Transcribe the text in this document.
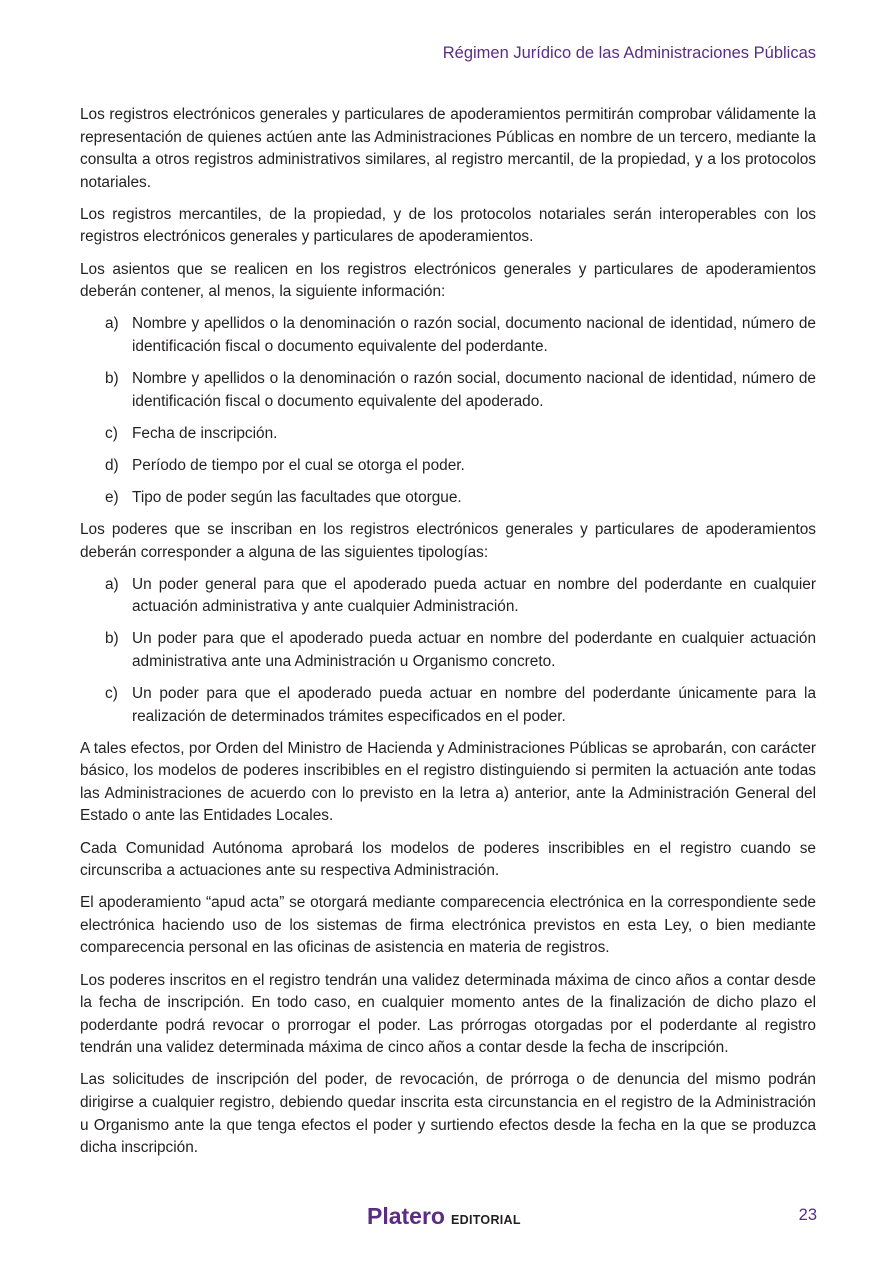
Régimen Jurídico de las Administraciones Públicas

Los registros electrónicos generales y particulares de apoderamientos permitirán comprobar válidamente la representación de quienes actúen ante las Administraciones Públicas en nombre de un tercero, mediante la consulta a otros registros administrativos similares, al registro mercantil, de la propiedad, y a los protocolos notariales.

Los registros mercantiles, de la propiedad, y de los protocolos notariales serán interoperables con los registros electrónicos generales y particulares de apoderamientos.

Los asientos que se realicen en los registros electrónicos generales y particulares de apoderamientos deberán contener, al menos, la siguiente información:

a) Nombre y apellidos o la denominación o razón social, documento nacional de identidad, número de identificación fiscal o documento equivalente del poderdante.
b) Nombre y apellidos o la denominación o razón social, documento nacional de identidad, número de identificación fiscal o documento equivalente del apoderado.
c) Fecha de inscripción.
d) Período de tiempo por el cual se otorga el poder.
e) Tipo de poder según las facultades que otorgue.

Los poderes que se inscriban en los registros electrónicos generales y particulares de apoderamientos deberán corresponder a alguna de las siguientes tipologías:

a) Un poder general para que el apoderado pueda actuar en nombre del poderdante en cualquier actuación administrativa y ante cualquier Administración.
b) Un poder para que el apoderado pueda actuar en nombre del poderdante en cualquier actuación administrativa ante una Administración u Organismo concreto.
c) Un poder para que el apoderado pueda actuar en nombre del poderdante únicamente para la realización de determinados trámites especificados en el poder.

A tales efectos, por Orden del Ministro de Hacienda y Administraciones Públicas se aprobarán, con carácter básico, los modelos de poderes inscribibles en el registro distinguiendo si permiten la actuación ante todas las Administraciones de acuerdo con lo previsto en la letra a) anterior, ante la Administración General del Estado o ante las Entidades Locales.

Cada Comunidad Autónoma aprobará los modelos de poderes inscribibles en el registro cuando se circunscriba a actuaciones ante su respectiva Administración.

El apoderamiento “apud acta” se otorgará mediante comparecencia electrónica en la correspondiente sede electrónica haciendo uso de los sistemas de firma electrónica previstos en esta Ley, o bien mediante comparecencia personal en las oficinas de asistencia en materia de registros.

Los poderes inscritos en el registro tendrán una validez determinada máxima de cinco años a contar desde la fecha de inscripción. En todo caso, en cualquier momento antes de la finalización de dicho plazo el poderdante podrá revocar o prorrogar el poder. Las prórrogas otorgadas por el poderdante al registro tendrán una validez determinada máxima de cinco años a contar desde la fecha de inscripción.

Las solicitudes de inscripción del poder, de revocación, de prórroga o de denuncia del mismo podrán dirigirse a cualquier registro, debiendo quedar inscrita esta circunstancia en el registro de la Administración u Organismo ante la que tenga efectos el poder y surtiendo efectos desde la fecha en la que se produzca dicha inscripción.

Platero EDITORIAL	23
